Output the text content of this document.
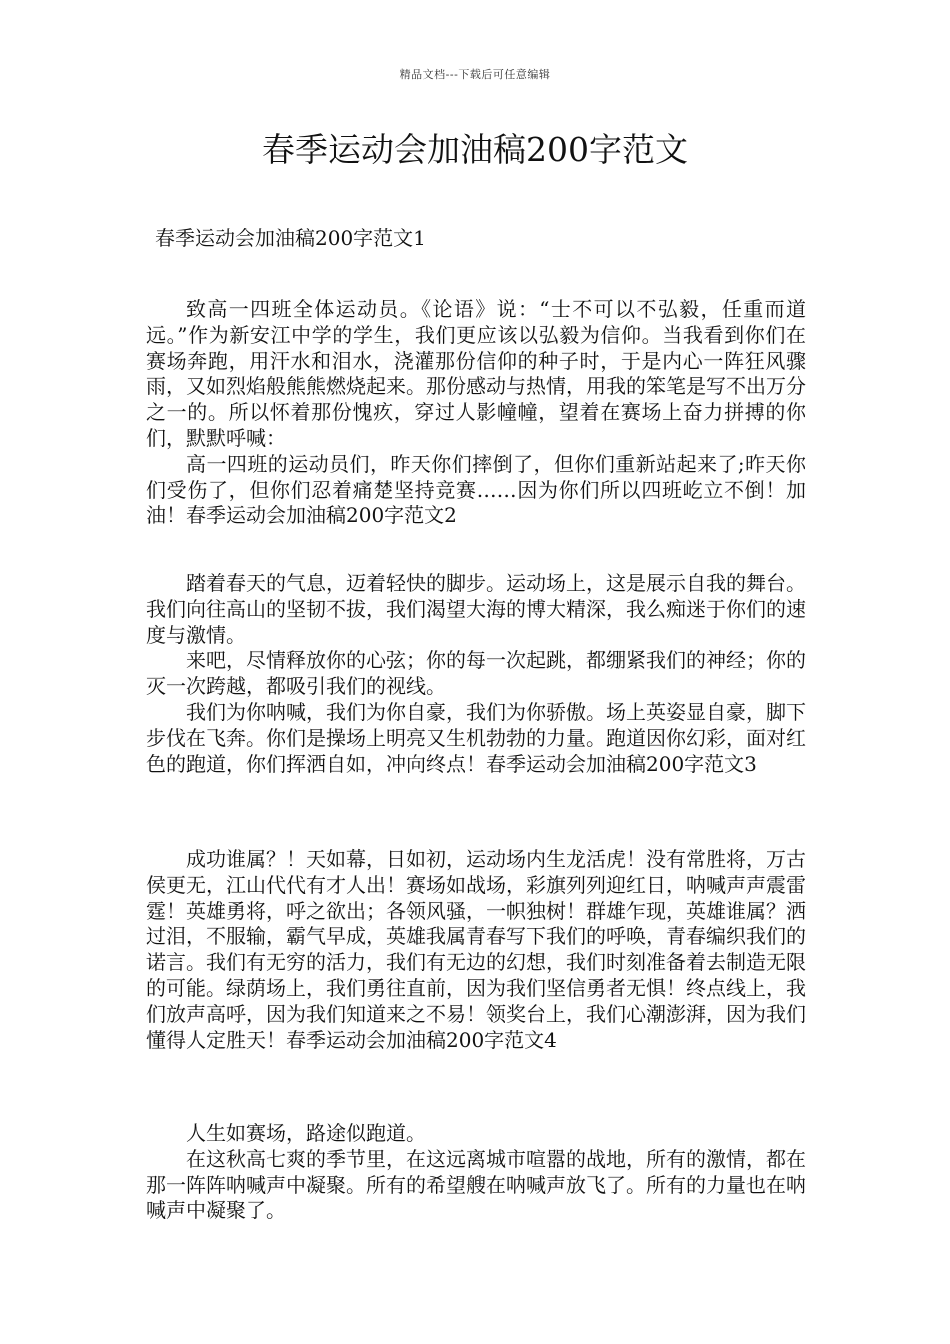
精品文档---下载后可任意编辑
春季运动会加油稿200字范文
春季运动会加油稿200字范文1

致高一四班全体运动员。《论语》说：“士不可以不弘毅，任重而道远。”作为新安江中学的学生，我们更应该以弘毅为信仰。当我看到你们在赛场奔跑，用汗水和泪水，浇灌那份信仰的种子时，于是内心一阵狂风骤雨，又如烈焰般熊熊燃烧起来。那份感动与热情，用我的笨笔是写不出万分之一的。所以怀着那份愧疚，穿过人影幢幢，望着在赛场上奋力拼搏的你们，默默呼喊：

高一四班的运动员们，昨天你们摔倒了，但你们重新站起来了;昨天你们受伤了，但你们忍着痛楚坚持竞赛……因为你们所以四班屹立不倒！加油！春季运动会加油稿200字范文2

踏着春天的气息，迈着轻快的脚步。运动场上，这是展示自我的舞台。我们向往高山的坚韧不拔，我们渴望大海的博大精深，我么痴迷于你们的速度与激情。

来吧，尽情释放你的心弦；你的每一次起跳，都绷紧我们的神经；你的灭一次跨越，都吸引我们的视线。

我们为你呐喊，我们为你自豪，我们为你骄傲。场上英姿显自豪，脚下步伐在飞奔。你们是操场上明亮又生机勃勃的力量。跑道因你幻彩，面对红色的跑道，你们挥洒自如，冲向终点！春季运动会加油稿200字范文3

成功谁属？！天如幕，日如初，运动场内生龙活虎！没有常胜将，万古侯更无，江山代代有才人出！赛场如战场，彩旗列列迎红日，呐喊声声震雷霆！英雄勇将，呼之欲出；各领风骚，一帜独树！群雄乍现，英雄谁属？洒过泪，不服输，霸气早成，英雄我属青春写下我们的呼唤，青春编织我们的诺言。我们有无穷的活力，我们有无边的幻想，我们时刻准备着去制造无限的可能。绿荫场上，我们勇往直前，因为我们坚信勇者无惧！终点线上，我们放声高呼，因为我们知道来之不易！领奖台上，我们心潮澎湃，因为我们懂得人定胜天！春季运动会加油稿200字范文4

人生如赛场，路途似跑道。

在这秋高七爽的季节里，在这远离城市喧嚣的战地，所有的激情，都在那一阵阵呐喊声中凝聚。所有的希望艘在呐喊声放飞了。所有的力量也在呐喊声中凝聚了。
